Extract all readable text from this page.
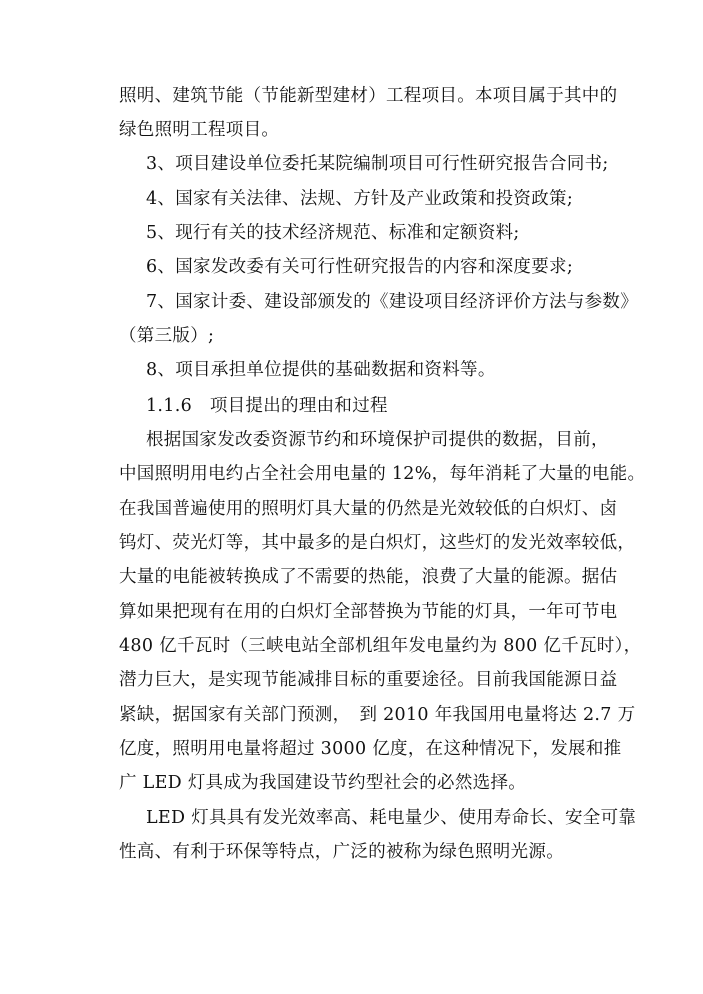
照明、建筑节能（节能新型建材）工程项目。本项目属于其中的
绿色照明工程项目。
3、项目建设单位委托某院编制项目可行性研究报告合同书;
4、国家有关法律、法规、方针及产业政策和投资政策;
5、现行有关的技术经济规范、标准和定额资料;
6、国家发改委有关可行性研究报告的内容和深度要求;
7、国家计委、建设部颁发的《建设项目经济评价方法与参数》
（第三版）;
8、项目承担单位提供的基础数据和资料等。
1.1.6　项目提出的理由和过程
根据国家发改委资源节约和环境保护司提供的数据，目前，
中国照明用电约占全社会用电量的 12%，每年消耗了大量的电能。
在我国普遍使用的照明灯具大量的仍然是光效较低的白炽灯、卤
钨灯、荧光灯等，其中最多的是白炽灯，这些灯的发光效率较低，
大量的电能被转换成了不需要的热能，浪费了大量的能源。据估
算如果把现有在用的白炽灯全部替换为节能的灯具，一年可节电
480 亿千瓦时（三峡电站全部机组年发电量约为 800 亿千瓦时），
潜力巨大，是实现节能减排目标的重要途径。目前我国能源日益
紧缺，据国家有关部门预测，　到 2010 年我国用电量将达 2.7 万
亿度，照明用电量将超过 3000 亿度，在这种情况下，发展和推
广 LED 灯具成为我国建设节约型社会的必然选择。
LED 灯具具有发光效率高、耗电量少、使用寿命长、安全可靠
性高、有利于环保等特点，广泛的被称为绿色照明光源。
